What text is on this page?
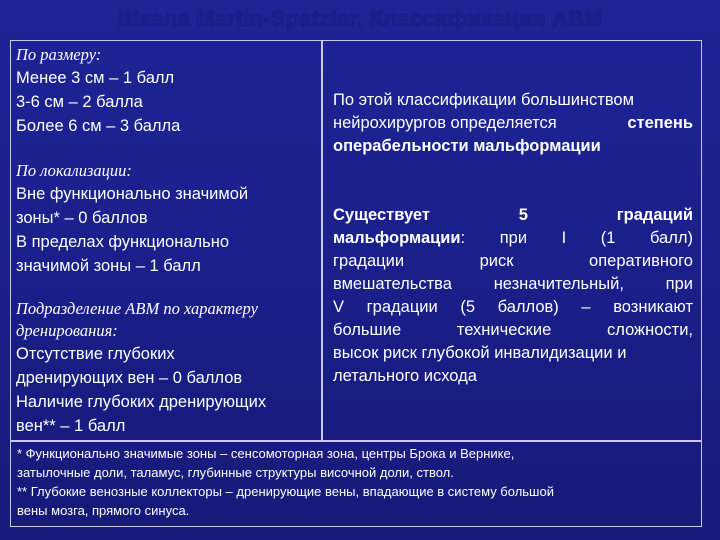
Шкала Martin-Spetzler. Классификация АВМ
По размеру:
Менее 3 см – 1 балл
3-6 см – 2 балла
Более 6 см – 3 балла
По локализации:
Вне функционально значимой
зоны* – 0 баллов
В пределах функционально
значимой зоны – 1 балл
Подразделение АВМ по характеру
дренирования:
Отсутствие глубоких
дренирующих вен – 0 баллов
Наличие глубоких дренирующих
вен** – 1 балл
По этой классификации большинством
нейрохирургов определяется	степень
операбельности мальформации
Существует	5	градаций
мальформации: при I (1 балл)
градации	риск	оперативного
вмешательства	незначительный,	при
V градации (5 баллов) – возникают
большие	технические	сложности,
высок риск глубокой инвалидизации и
летального исхода
* Функционально значимые зоны – сенсомоторная зона, центры Брока и Вернике,
затылочные доли, таламус, глубинные структуры височной доли, ствол.
** Глубокие венозные коллекторы – дренирующие вены, впадающие в систему большой
вены мозга, прямого синуса.
